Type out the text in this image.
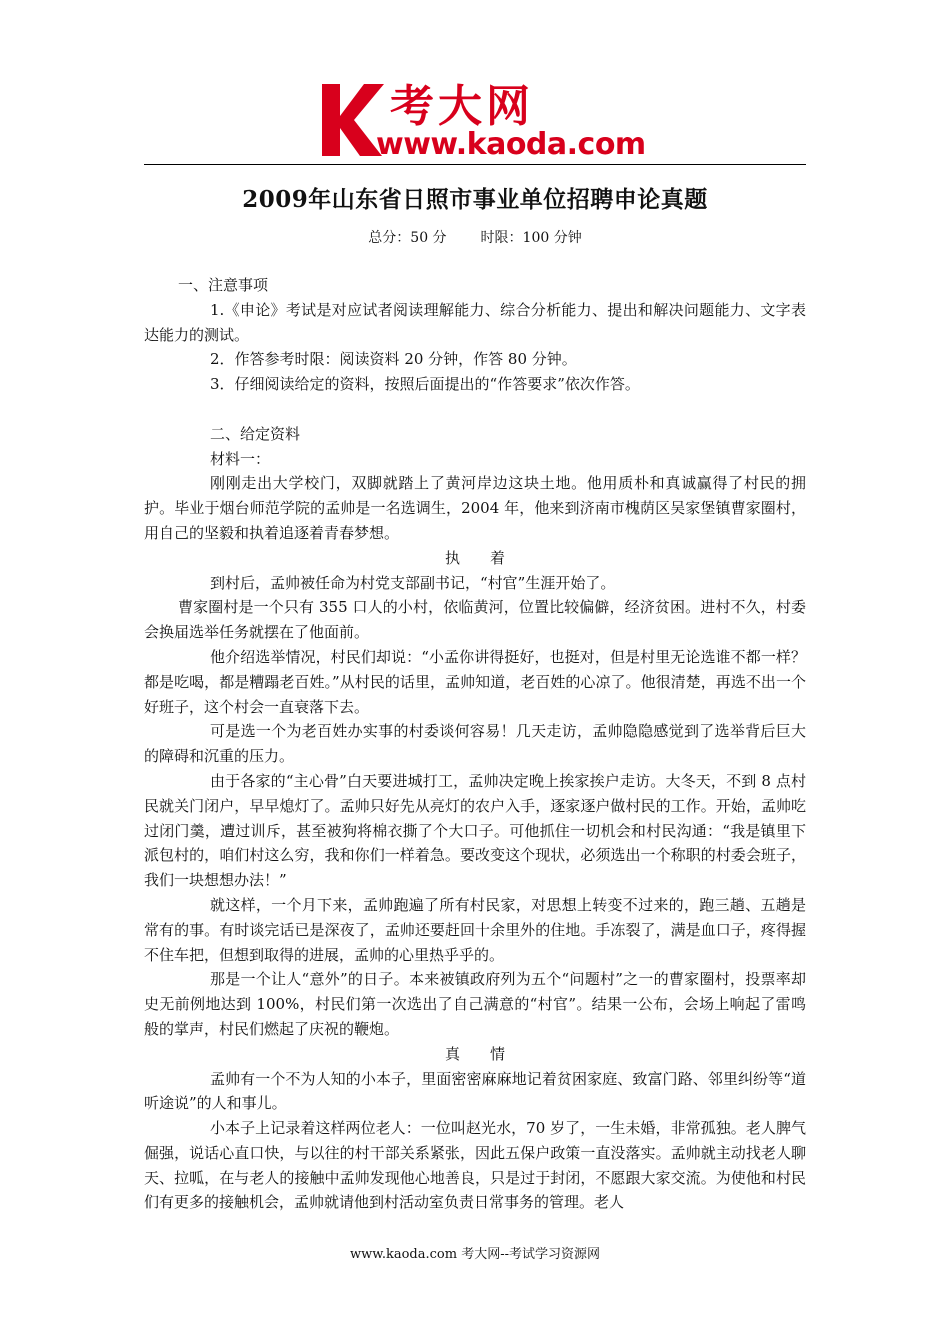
考大网
www.kaoda.com
2009年山东省日照市事业单位招聘申论真题
总分：50 分 时限：100 分钟

一、注意事项

1.《申论》考试是对应试者阅读理解能力、综合分析能力、提出和解决问题能力、文字表达能力的测试。

2．作答参考时限：阅读资料 20 分钟，作答 80 分钟。

3．仔细阅读给定的资料，按照后面提出的“作答要求”依次作答。

二、给定资料

材料一：

刚刚走出大学校门，双脚就踏上了黄河岸边这块土地。他用质朴和真诚赢得了村民的拥护。毕业于烟台师范学院的孟帅是一名选调生，2004 年，他来到济南市槐荫区吴家堡镇曹家圈村，用自己的坚毅和执着追逐着青春梦想。

执　　着

到村后，孟帅被任命为村党支部副书记，“村官”生涯开始了。

曹家圈村是一个只有 355 口人的小村，依临黄河，位置比较偏僻，经济贫困。进村不久，村委会换届选举任务就摆在了他面前。

他介绍选举情况，村民们却说：“小孟你讲得挺好，也挺对，但是村里无论选谁不都一样？都是吃喝，都是糟蹋老百姓。”从村民的话里，孟帅知道，老百姓的心凉了。他很清楚，再选不出一个好班子，这个村会一直衰落下去。

可是选一个为老百姓办实事的村委谈何容易！几天走访，孟帅隐隐感觉到了选举背后巨大的障碍和沉重的压力。

由于各家的“主心骨”白天要进城打工，孟帅决定晚上挨家挨户走访。大冬天，不到 8 点村民就关门闭户，早早熄灯了。孟帅只好先从亮灯的农户入手，逐家逐户做村民的工作。开始，孟帅吃过闭门羹，遭过训斥，甚至被狗将棉衣撕了个大口子。可他抓住一切机会和村民沟通：“我是镇里下派包村的，咱们村这么穷，我和你们一样着急。要改变这个现状，必须选出一个称职的村委会班子，我们一块想想办法！”

就这样，一个月下来，孟帅跑遍了所有村民家，对思想上转变不过来的，跑三趟、五趟是常有的事。有时谈完话已是深夜了，孟帅还要赶回十余里外的住地。手冻裂了，满是血口子，疼得握不住车把，但想到取得的进展，孟帅的心里热乎乎的。

那是一个让人“意外”的日子。本来被镇政府列为五个“问题村”之一的曹家圈村，投票率却史无前例地达到 100%，村民们第一次选出了自己满意的“村官”。结果一公布，会场上响起了雷鸣般的掌声，村民们燃起了庆祝的鞭炮。

真　　情

孟帅有一个不为人知的小本子，里面密密麻麻地记着贫困家庭、致富门路、邻里纠纷等“道听途说”的人和事儿。

小本子上记录着这样两位老人：一位叫赵光水，70 岁了，一生未婚，非常孤独。老人脾气倔强，说话心直口快，与以往的村干部关系紧张，因此五保户政策一直没落实。孟帅就主动找老人聊天、拉呱，在与老人的接触中孟帅发现他心地善良，只是过于封闭，不愿跟大家交流。为使他和村民们有更多的接触机会，孟帅就请他到村活动室负责日常事务的管理。老人

www.kaoda.com 考大网--考试学习资源网
